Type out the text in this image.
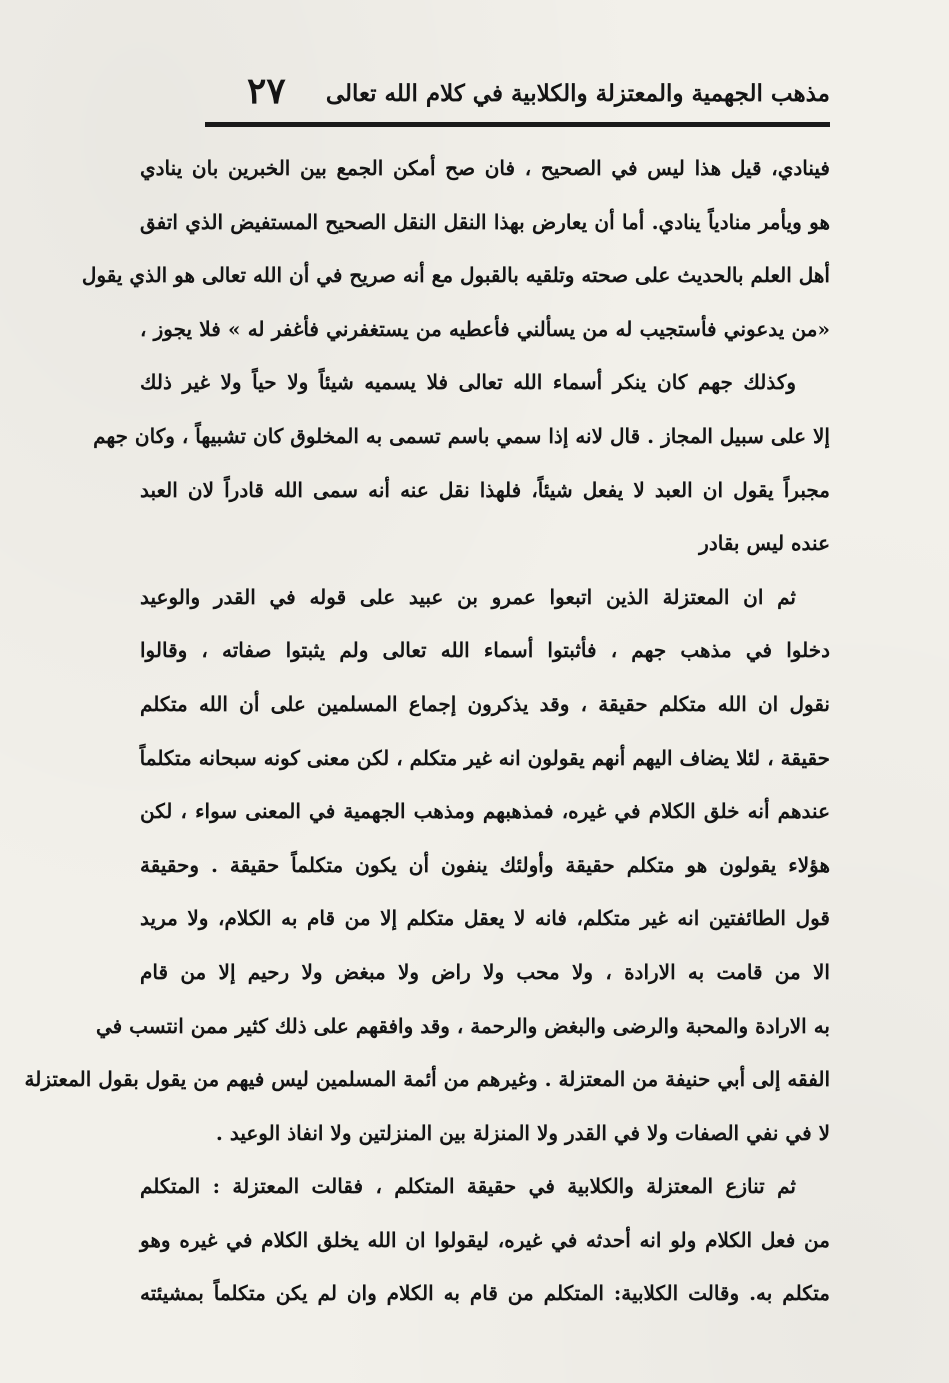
مذهب الجهمية والمعتزلة والكلابية في كلام الله تعالى
٢٧
فينادي، قيل هذا ليس في الصحيح ، فان صح أمكن الجمع بين الخبرين بان ينادي
هو ويأمر منادياً ينادي. أما أن يعارض بهذا النقل النقل الصحيح المستفيض الذي اتفق
أهل العلم بالحديث على صحته وتلقيه بالقبول مع أنه صريح في أن الله تعالى هو الذي يقول
«من يدعوني فأستجيب له من يسألني فأعطيه من يستغفرني فأغفر له » فلا يجوز ،
وكذلك جهم كان ينكر أسماء الله تعالى فلا يسميه شيئاً ولا حياً ولا غير ذلك
إلا على سبيل المجاز . قال لانه إذا سمي باسم تسمى به المخلوق كان تشبيهاً ، وكان جهم
مجبراً يقول ان العبد لا يفعل شيئاً، فلهذا نقل عنه أنه سمى الله قادراً لان العبد
عنده ليس بقادر
ثم ان المعتزلة الذين اتبعوا عمرو بن عبيد على قوله في القدر والوعيد
دخلوا في مذهب جهم ، فأثبتوا أسماء الله تعالى ولم يثبتوا صفاته ، وقالوا
نقول ان الله متكلم حقيقة ، وقد يذكرون إجماع المسلمين على أن الله متكلم
حقيقة ، لئلا يضاف اليهم أنهم يقولون انه غير متكلم ، لكن معنى كونه سبحانه متكلماً
عندهم أنه خلق الكلام في غيره، فمذهبهم ومذهب الجهمية في المعنى سواء ، لكن
هؤلاء يقولون هو متكلم حقيقة وأولئك ينفون أن يكون متكلماً حقيقة . وحقيقة
قول الطائفتين انه غير متكلم، فانه لا يعقل متكلم إلا من قام به الكلام، ولا مريد
الا من قامت به الارادة ، ولا محب ولا راض ولا مبغض ولا رحيم إلا من قام
به الارادة والمحبة والرضى والبغض والرحمة ، وقد وافقهم على ذلك كثير ممن انتسب في
الفقه إلى أبي حنيفة من المعتزلة . وغيرهم من أئمة المسلمين ليس فيهم من يقول بقول المعتزلة
لا في نفي الصفات ولا في القدر ولا المنزلة بين المنزلتين ولا انفاذ الوعيد .
ثم تنازع المعتزلة والكلابية في حقيقة المتكلم ، فقالت المعتزلة : المتكلم
من فعل الكلام ولو انه أحدثه في غيره، ليقولوا ان الله يخلق الكلام في غيره وهو
متكلم به. وقالت الكلابية: المتكلم من قام به الكلام وان لم يكن متكلماً بمشيئته
